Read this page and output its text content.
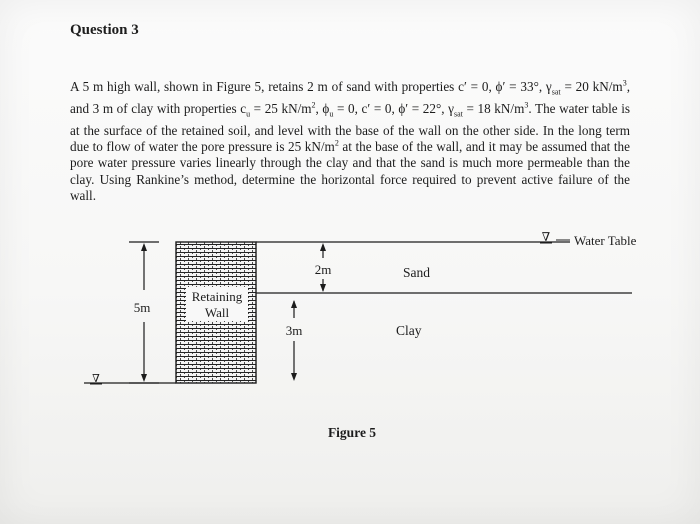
Question 3
A 5 m high wall, shown in Figure 5, retains 2 m of sand with properties c′ = 0, ϕ′ = 33°, $\gamma_{sat} = 20$ $kN/m^3$, and 3 m of clay with properties $c_u = 25$ $kN/m^2$, $\phi_u = 0$, c′ = 0, ϕ′ = 22°, $\gamma_{sat} = 18$ $kN/m^3$. The water table is at the surface of the retained soil, and level with the base of the wall on the other side. In the long term due to flow of water the pore pressure is 25 $kN/m^2$ at the base of the wall, and it may be assumed that the pore water pressure varies linearly through the clay and that the sand is much more permeable than the clay. Using Rankine’s method, determine the horizontal force required to prevent active failure of the wall.
Retaining
Wall
∇ Water Table
Sand
Clay
∇
5m
2m
3m
Figure 5
